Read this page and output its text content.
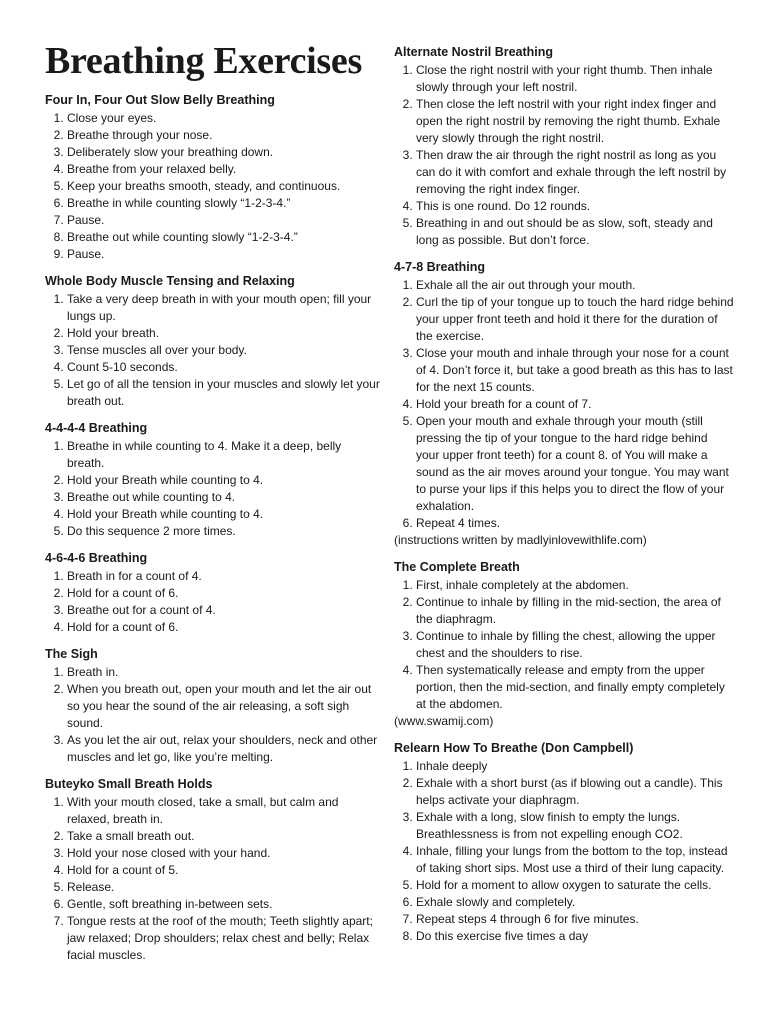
Breathing Exercises
Four In, Four Out Slow Belly Breathing
1. Close your eyes.
2. Breathe through your nose.
3. Deliberately slow your breathing down.
4. Breathe from your relaxed belly.
5. Keep your breaths smooth, steady, and continuous.
6. Breathe in while counting slowly “1-2-3-4.”
7. Pause.
8. Breathe out while counting slowly “1-2-3-4.”
9. Pause.
Whole Body Muscle Tensing and Relaxing
1. Take a very deep breath in with your mouth open; fill your lungs up.
2. Hold your breath.
3. Tense muscles all over your body.
4. Count 5-10 seconds.
5. Let go of all the tension in your muscles and slowly let your breath out.
4-4-4-4 Breathing
1. Breathe in while counting to 4. Make it a deep, belly breath.
2. Hold your Breath while counting to 4.
3. Breathe out while counting to 4.
4. Hold your Breath while counting to 4.
5. Do this sequence 2 more times.
4-6-4-6 Breathing
1. Breath in for a count of 4.
2. Hold for a count of 6.
3. Breathe out for a count of 4.
4. Hold for a count of 6.
The Sigh
1. Breath in.
2. When you breath out, open your mouth and let the air out so you hear the sound of the air releasing, a soft sigh sound.
3. As you let the air out, relax your shoulders, neck and other muscles and let go, like you’re melting.
Buteyko Small Breath Holds
1. With your mouth closed, take a small, but calm and relaxed, breath in.
2. Take a small breath out.
3. Hold your nose closed with your hand.
4. Hold for a count of 5.
5. Release.
6. Gentle, soft breathing in-between sets.
7. Tongue rests at the roof of the mouth; Teeth slightly apart; jaw relaxed; Drop shoulders; relax chest and belly; Relax facial muscles.
Alternate Nostril Breathing
1. Close the right nostril with your right thumb. Then inhale slowly through your left nostril.
2. Then close the left nostril with your right index finger and open the right nostril by removing the right thumb. Exhale very slowly through the right nostril.
3. Then draw the air through the right nostril as long as you can do it with comfort and exhale through the left nostril by removing the right index finger.
4. This is one round. Do 12 rounds.
5. Breathing in and out should be as slow, soft, steady and long as possible. But don’t force.
4-7-8 Breathing
1. Exhale all the air out through your mouth.
2. Curl the tip of your tongue up to touch the hard ridge behind your upper front teeth and hold it there for the duration of the exercise.
3. Close your mouth and inhale through your nose for a count of 4. Don’t force it, but take a good breath as this has to last for the next 15 counts.
4. Hold your breath for a count of 7.
5. Open your mouth and exhale through your mouth (still pressing the tip of your tongue to the hard ridge behind your upper front teeth) for a count 8. of You will make a sound as the air moves around your tongue. You may want to purse your lips if this helps you to direct the flow of your exhalation.
6. Repeat 4 times.

(instructions written by madlyinlovewithlife.com)

The Complete Breath
1. First, inhale completely at the abdomen.
2. Continue to inhale by filling in the mid-section, the area of the diaphragm.
3. Continue to inhale by filling the chest, allowing the upper chest and the shoulders to rise.
4. Then systematically release and empty from the upper portion, then the mid-section, and finally empty completely at the abdomen.

(www.swamij.com)

Relearn How To Breathe (Don Campbell)
1. Inhale deeply
2. Exhale with a short burst (as if blowing out a candle). This helps activate your diaphragm.
3. Exhale with a long, slow finish to empty the lungs. Breathlessness is from not expelling enough CO2.
4. Inhale, filling your lungs from the bottom to the top, instead of taking short sips. Most use a third of their lung capacity.
5. Hold for a moment to allow oxygen to saturate the cells.
6. Exhale slowly and completely.
7. Repeat steps 4 through 6 for five minutes.
8. Do this exercise five times a day
